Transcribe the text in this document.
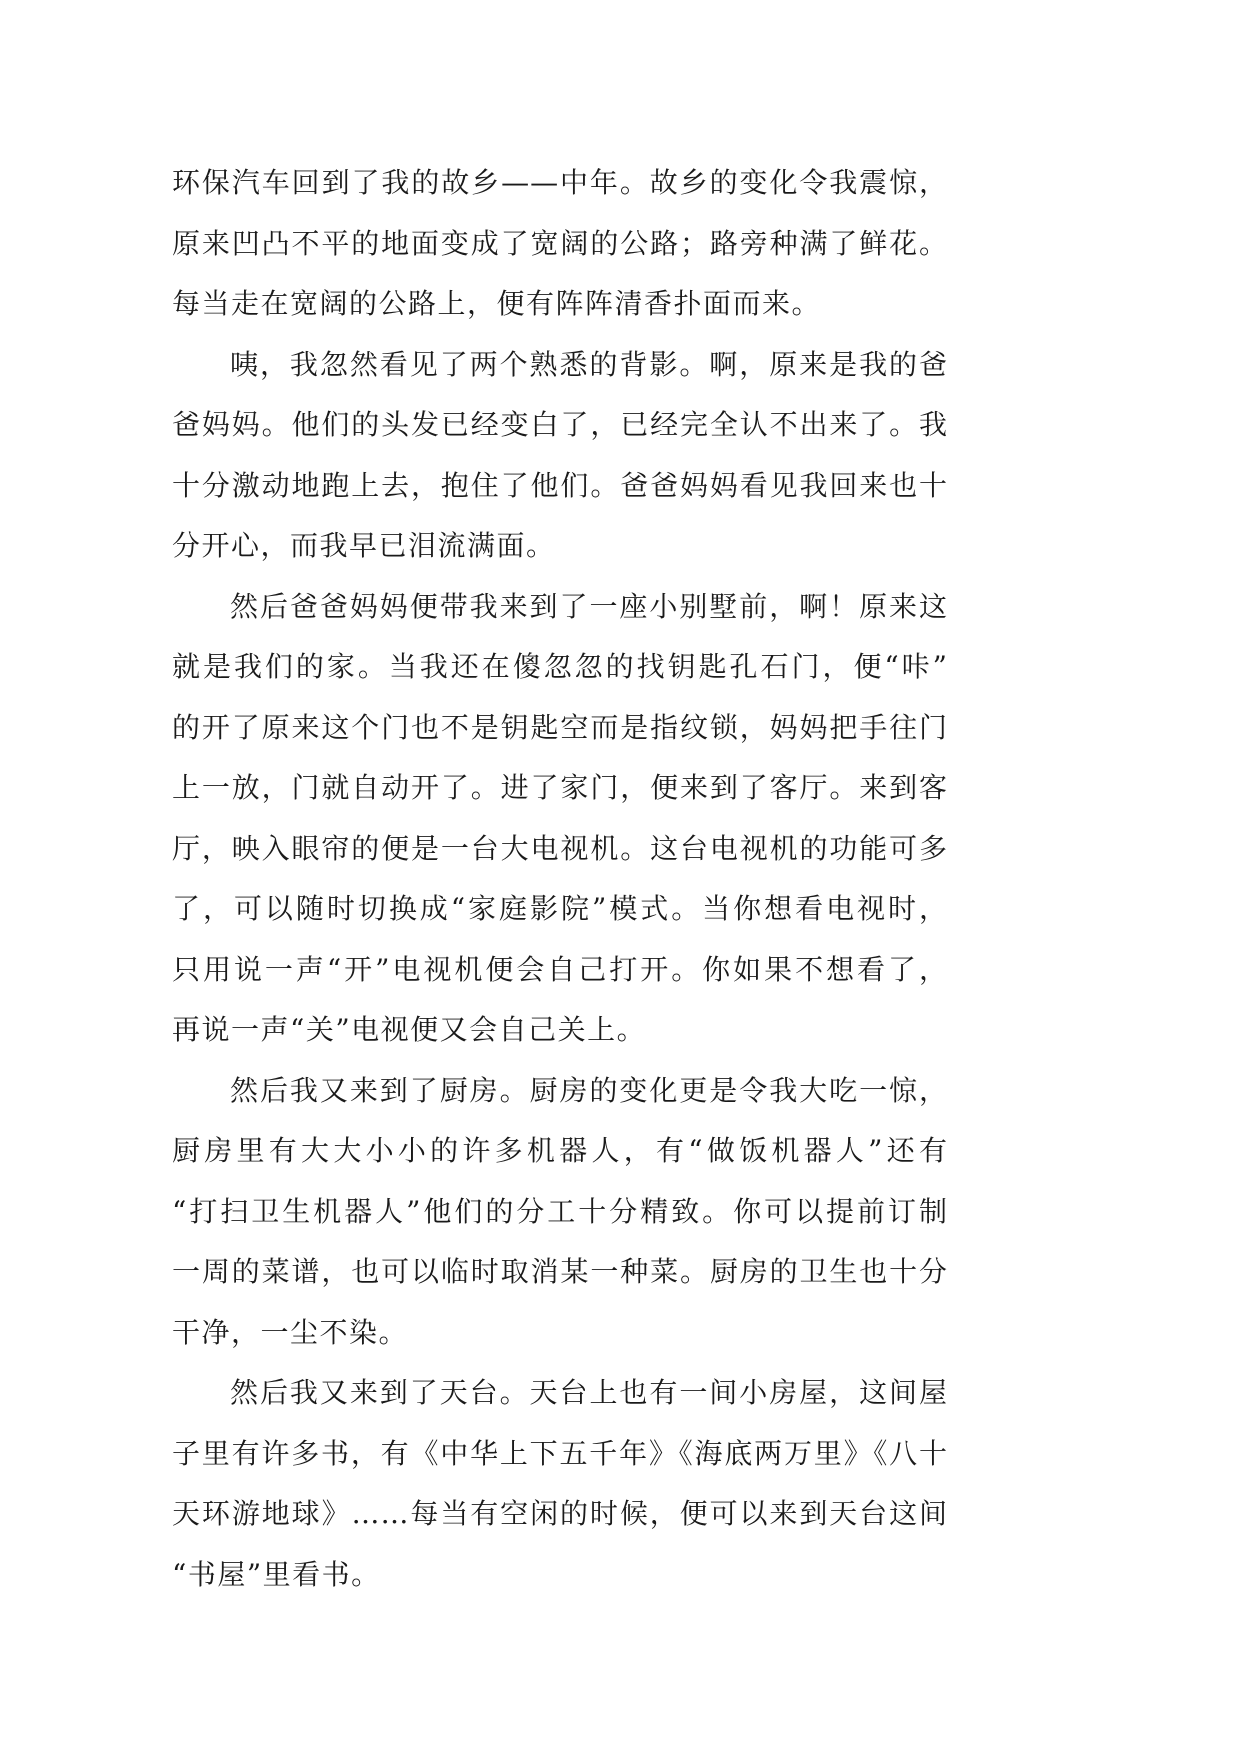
环保汽车回到了我的故乡——中年。故乡的变化令我震惊，
原来凹凸不平的地面变成了宽阔的公路；路旁种满了鲜花。
每当走在宽阔的公路上，便有阵阵清香扑面而来。
咦，我忽然看见了两个熟悉的背影。啊，原来是我的爸
爸妈妈。他们的头发已经变白了，已经完全认不出来了。我
十分激动地跑上去，抱住了他们。爸爸妈妈看见我回来也十
分开心，而我早已泪流满面。
然后爸爸妈妈便带我来到了一座小别墅前，啊！原来这
就是我们的家。当我还在傻忽忽的找钥匙孔石门，便“咔”
的开了原来这个门也不是钥匙空而是指纹锁，妈妈把手往门
上一放，门就自动开了。进了家门，便来到了客厅。来到客
厅，映入眼帘的便是一台大电视机。这台电视机的功能可多
了，可以随时切换成“家庭影院”模式。当你想看电视时，
只用说一声“开”电视机便会自己打开。你如果不想看了，
再说一声“关”电视便又会自己关上。
然后我又来到了厨房。厨房的变化更是令我大吃一惊，
厨房里有大大小小的许多机器人，有“做饭机器人”还有
“打扫卫生机器人”他们的分工十分精致。你可以提前订制
一周的菜谱，也可以临时取消某一种菜。厨房的卫生也十分
干净，一尘不染。
然后我又来到了天台。天台上也有一间小房屋，这间屋
子里有许多书，有《中华上下五千年》《海底两万里》《八十
天环游地球》……每当有空闲的时候，便可以来到天台这间
“书屋”里看书。
